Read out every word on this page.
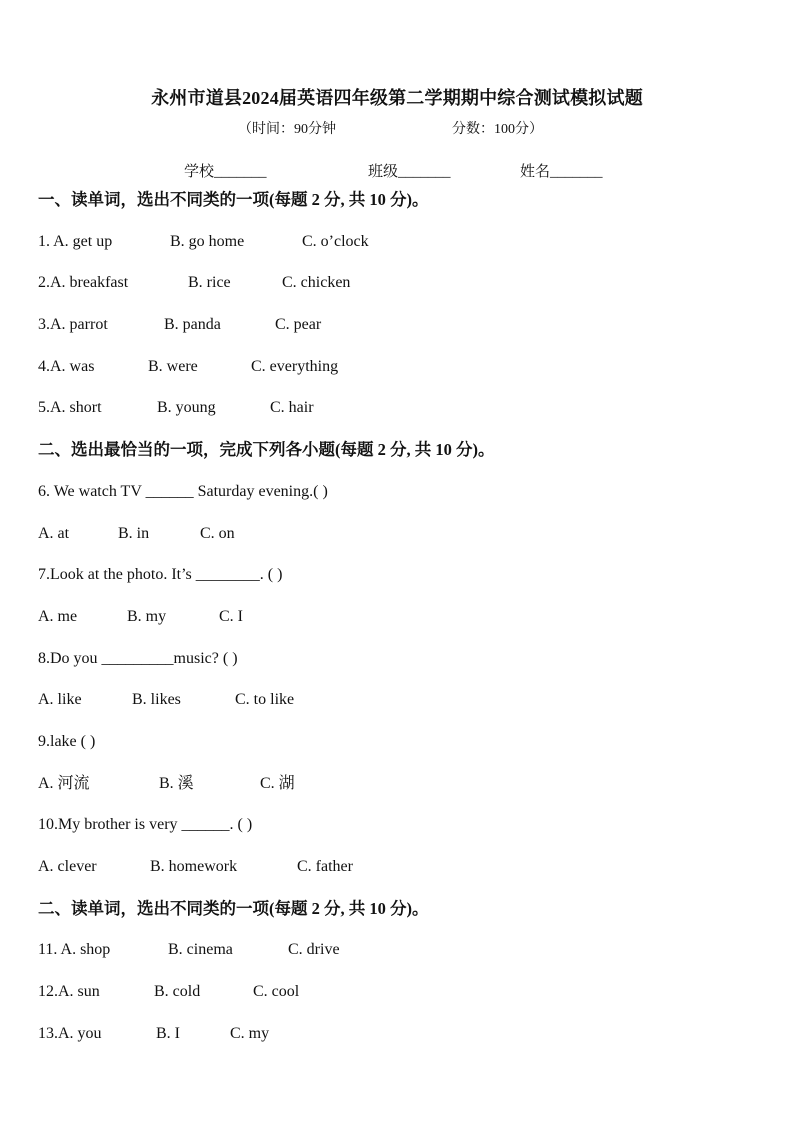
永州市道县2024届英语四年级第二学期期中综合测试模拟试题
（时间：90分钟	分数：100分）
学校_______	班级_______	姓名_______
一、读单词，选出不同类的一项(每题 2 分, 共 10 分)。
1. A. get up	B. go home	C. o’clock
2.A. breakfast	B. rice	C. chicken
3.A. parrot	B. panda	C. pear
4.A. was	B. were	C. everything
5.A. short	B. young	C. hair
二、选出最恰当的一项，完成下列各小题(每题 2 分, 共 10 分)。
6. We watch TV ______ Saturday evening.( )
A. at	B. in	C. on
7.Look at the photo. It’s ________. ( )
A. me	B. my	C. I
8.Do you _________music? ( )
A. like	B. likes	C. to like
9.lake ( )
A. 河流	B. 溪	C. 湖
10.My brother is very ______. ( )
A. clever	B. homework	C. father
二、读单词，选出不同类的一项(每题 2 分, 共 10 分)。
11. A. shop	B. cinema	C. drive
12.A. sun	B. cold	C. cool
13.A. you	B. I	C. my
